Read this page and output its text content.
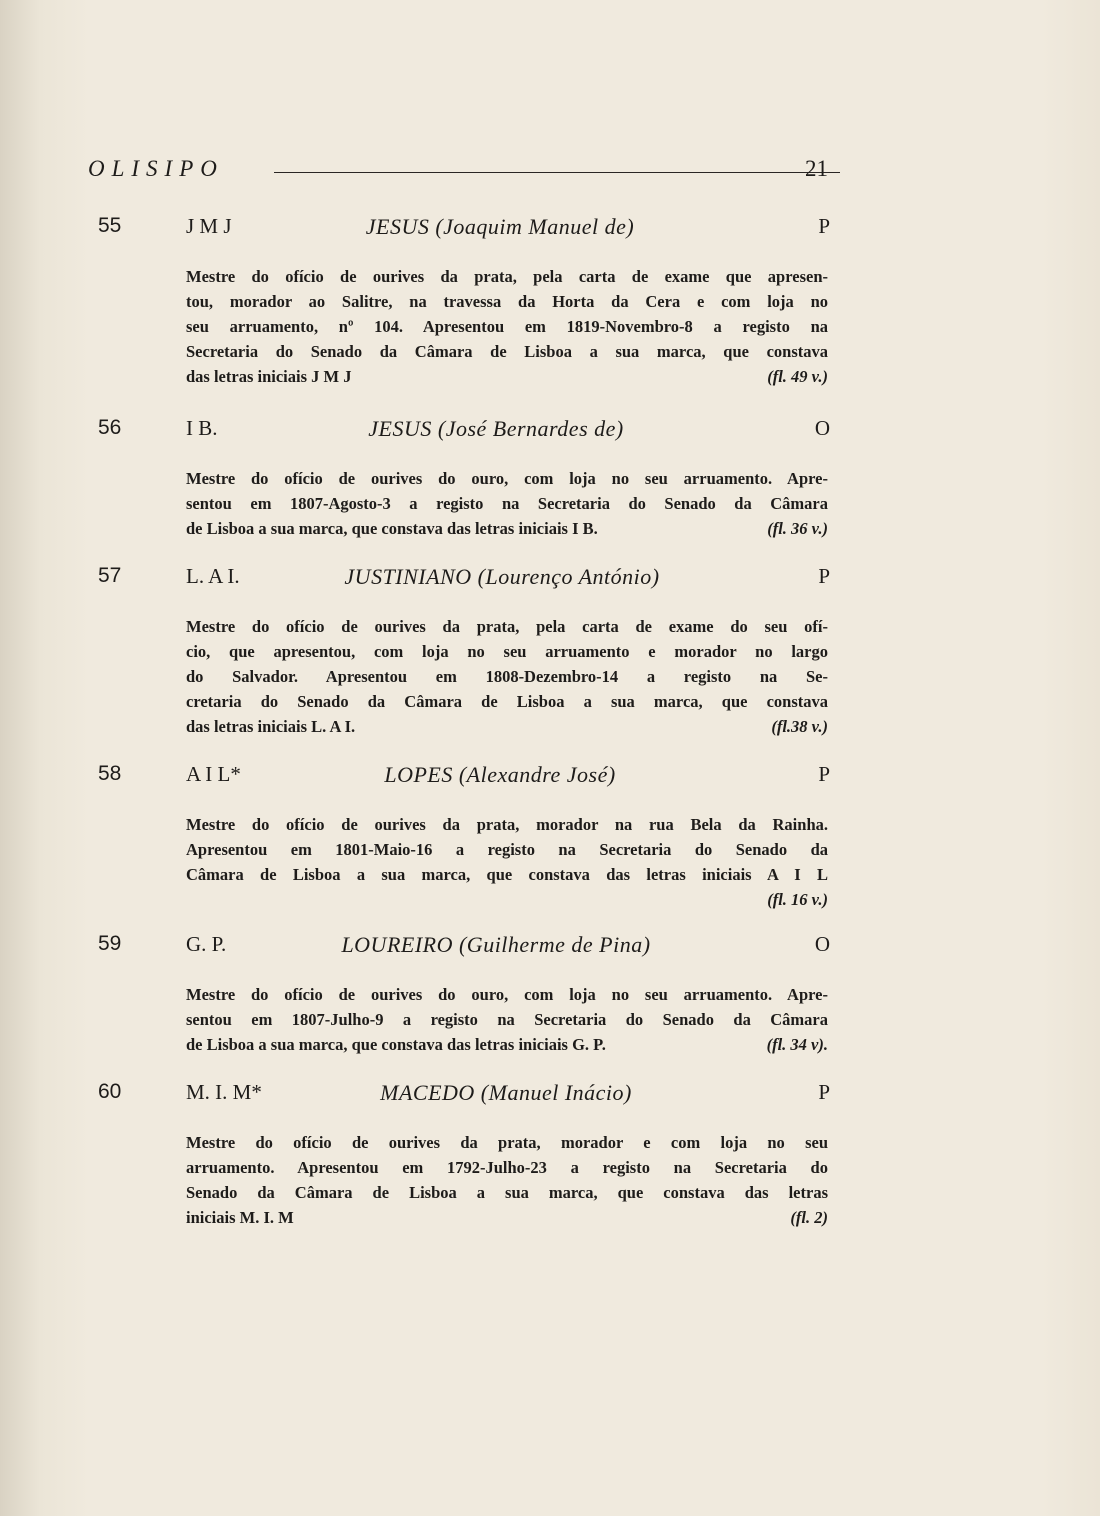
OLISIPO	21
55	J M J	JESUS (Joaquim Manuel de)	P
Mestre do ofício de ourives da prata, pela carta de exame que apresen-
tou, morador ao Salitre, na travessa da Horta da Cera e com loja no
seu arruamento, nº 104. Apresentou em 1819-Novembro-8 a registo na
Secretaria do Senado da Câmara de Lisboa a sua marca, que constava
das letras iniciais J M J	(fl. 49 v.)
56	I B.	JESUS (José Bernardes de)	O
Mestre do ofício de ourives do ouro, com loja no seu arruamento. Apre-
sentou em 1807-Agosto-3 a registo na Secretaria do Senado da Câmara
de Lisboa a sua marca, que constava das letras iniciais I B.	(fl. 36 v.)
57	L. A I.	JUSTINIANO (Lourenço António)	P
Mestre do ofício de ourives da prata, pela carta de exame do seu ofí-
cio, que apresentou, com loja no seu arruamento e morador no largo
do Salvador. Apresentou em 1808-Dezembro-14 a registo na Se-
cretaria do Senado da Câmara de Lisboa a sua marca, que constava
das letras iniciais L. A I.	(fl.38 v.)
58	A I L*	LOPES (Alexandre José)	P
Mestre do ofício de ourives da prata, morador na rua Bela da Rainha.
Apresentou em 1801-Maio-16 a registo na Secretaria do Senado da
Câmara de Lisboa a sua marca, que constava das letras iniciais A I L
(fl. 16 v.)
59	G. P.	LOUREIRO (Guilherme de Pina)	O
Mestre do ofício de ourives do ouro, com loja no seu arruamento. Apre-
sentou em 1807-Julho-9 a registo na Secretaria do Senado da Câmara
de Lisboa a sua marca, que constava das letras iniciais G. P.	(fl. 34 v).
60	M. I. M*	MACEDO (Manuel Inácio)	P
Mestre do ofício de ourives da prata, morador e com loja no seu
arruamento. Apresentou em 1792-Julho-23 a registo na Secretaria do
Senado da Câmara de Lisboa a sua marca, que constava das letras
iniciais M. I. M	(fl. 2)
